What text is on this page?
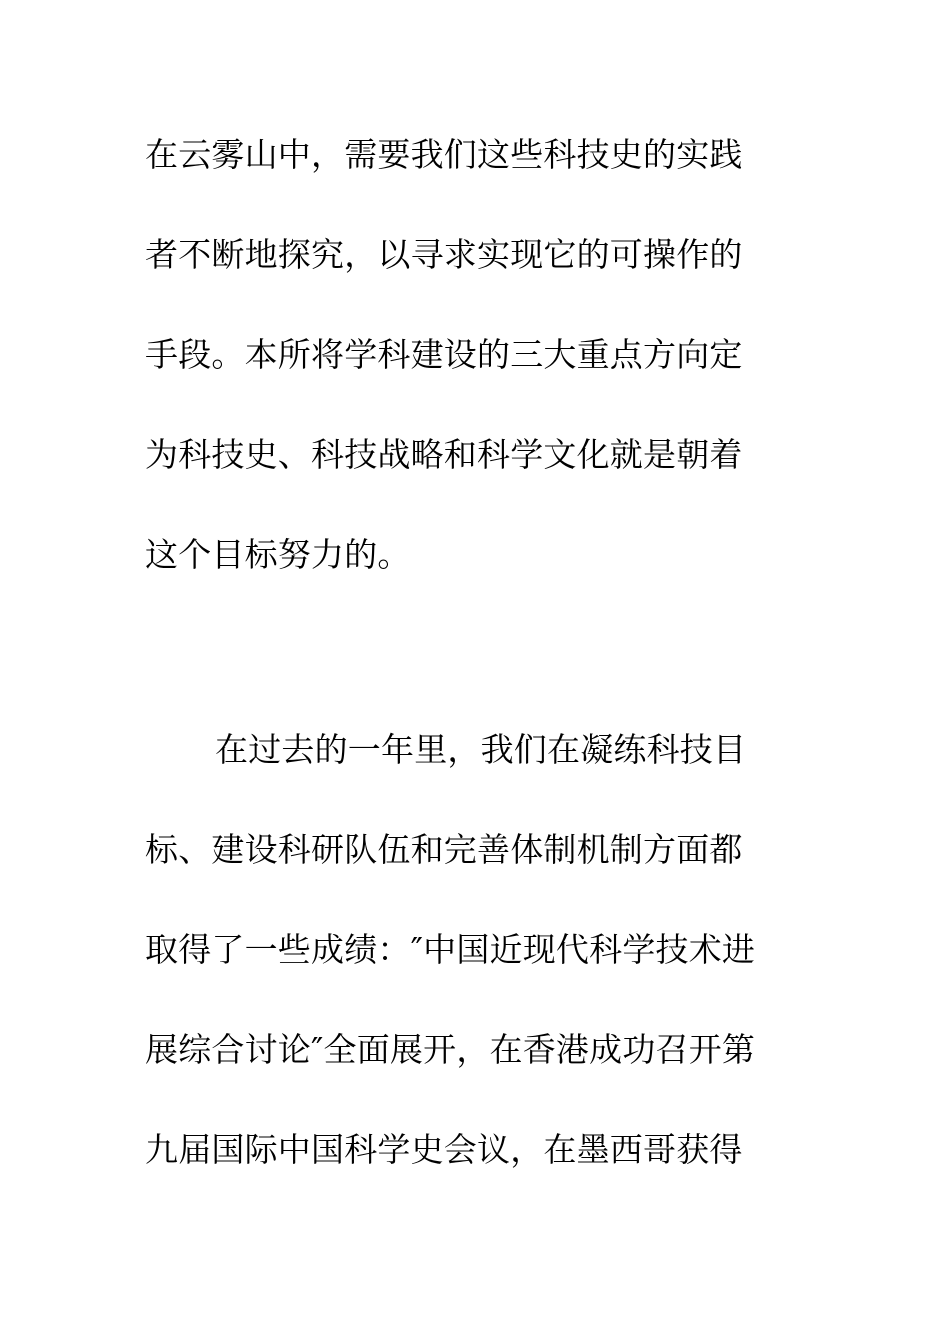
在云雾山中，需要我们这些科技史的实践
者不断地探究，以寻求实现它的可操作的
手段。本所将学科建设的三大重点方向定
为科技史、科技战略和科学文化就是朝着
这个目标努力的。
在过去的一年里，我们在凝练科技目
标、建设科研队伍和完善体制机制方面都
取得了一些成绩：″中国近现代科学技术进
展综合讨论″全面展开，在香港成功召开第
九届国际中国科学史会议，在墨西哥获得
